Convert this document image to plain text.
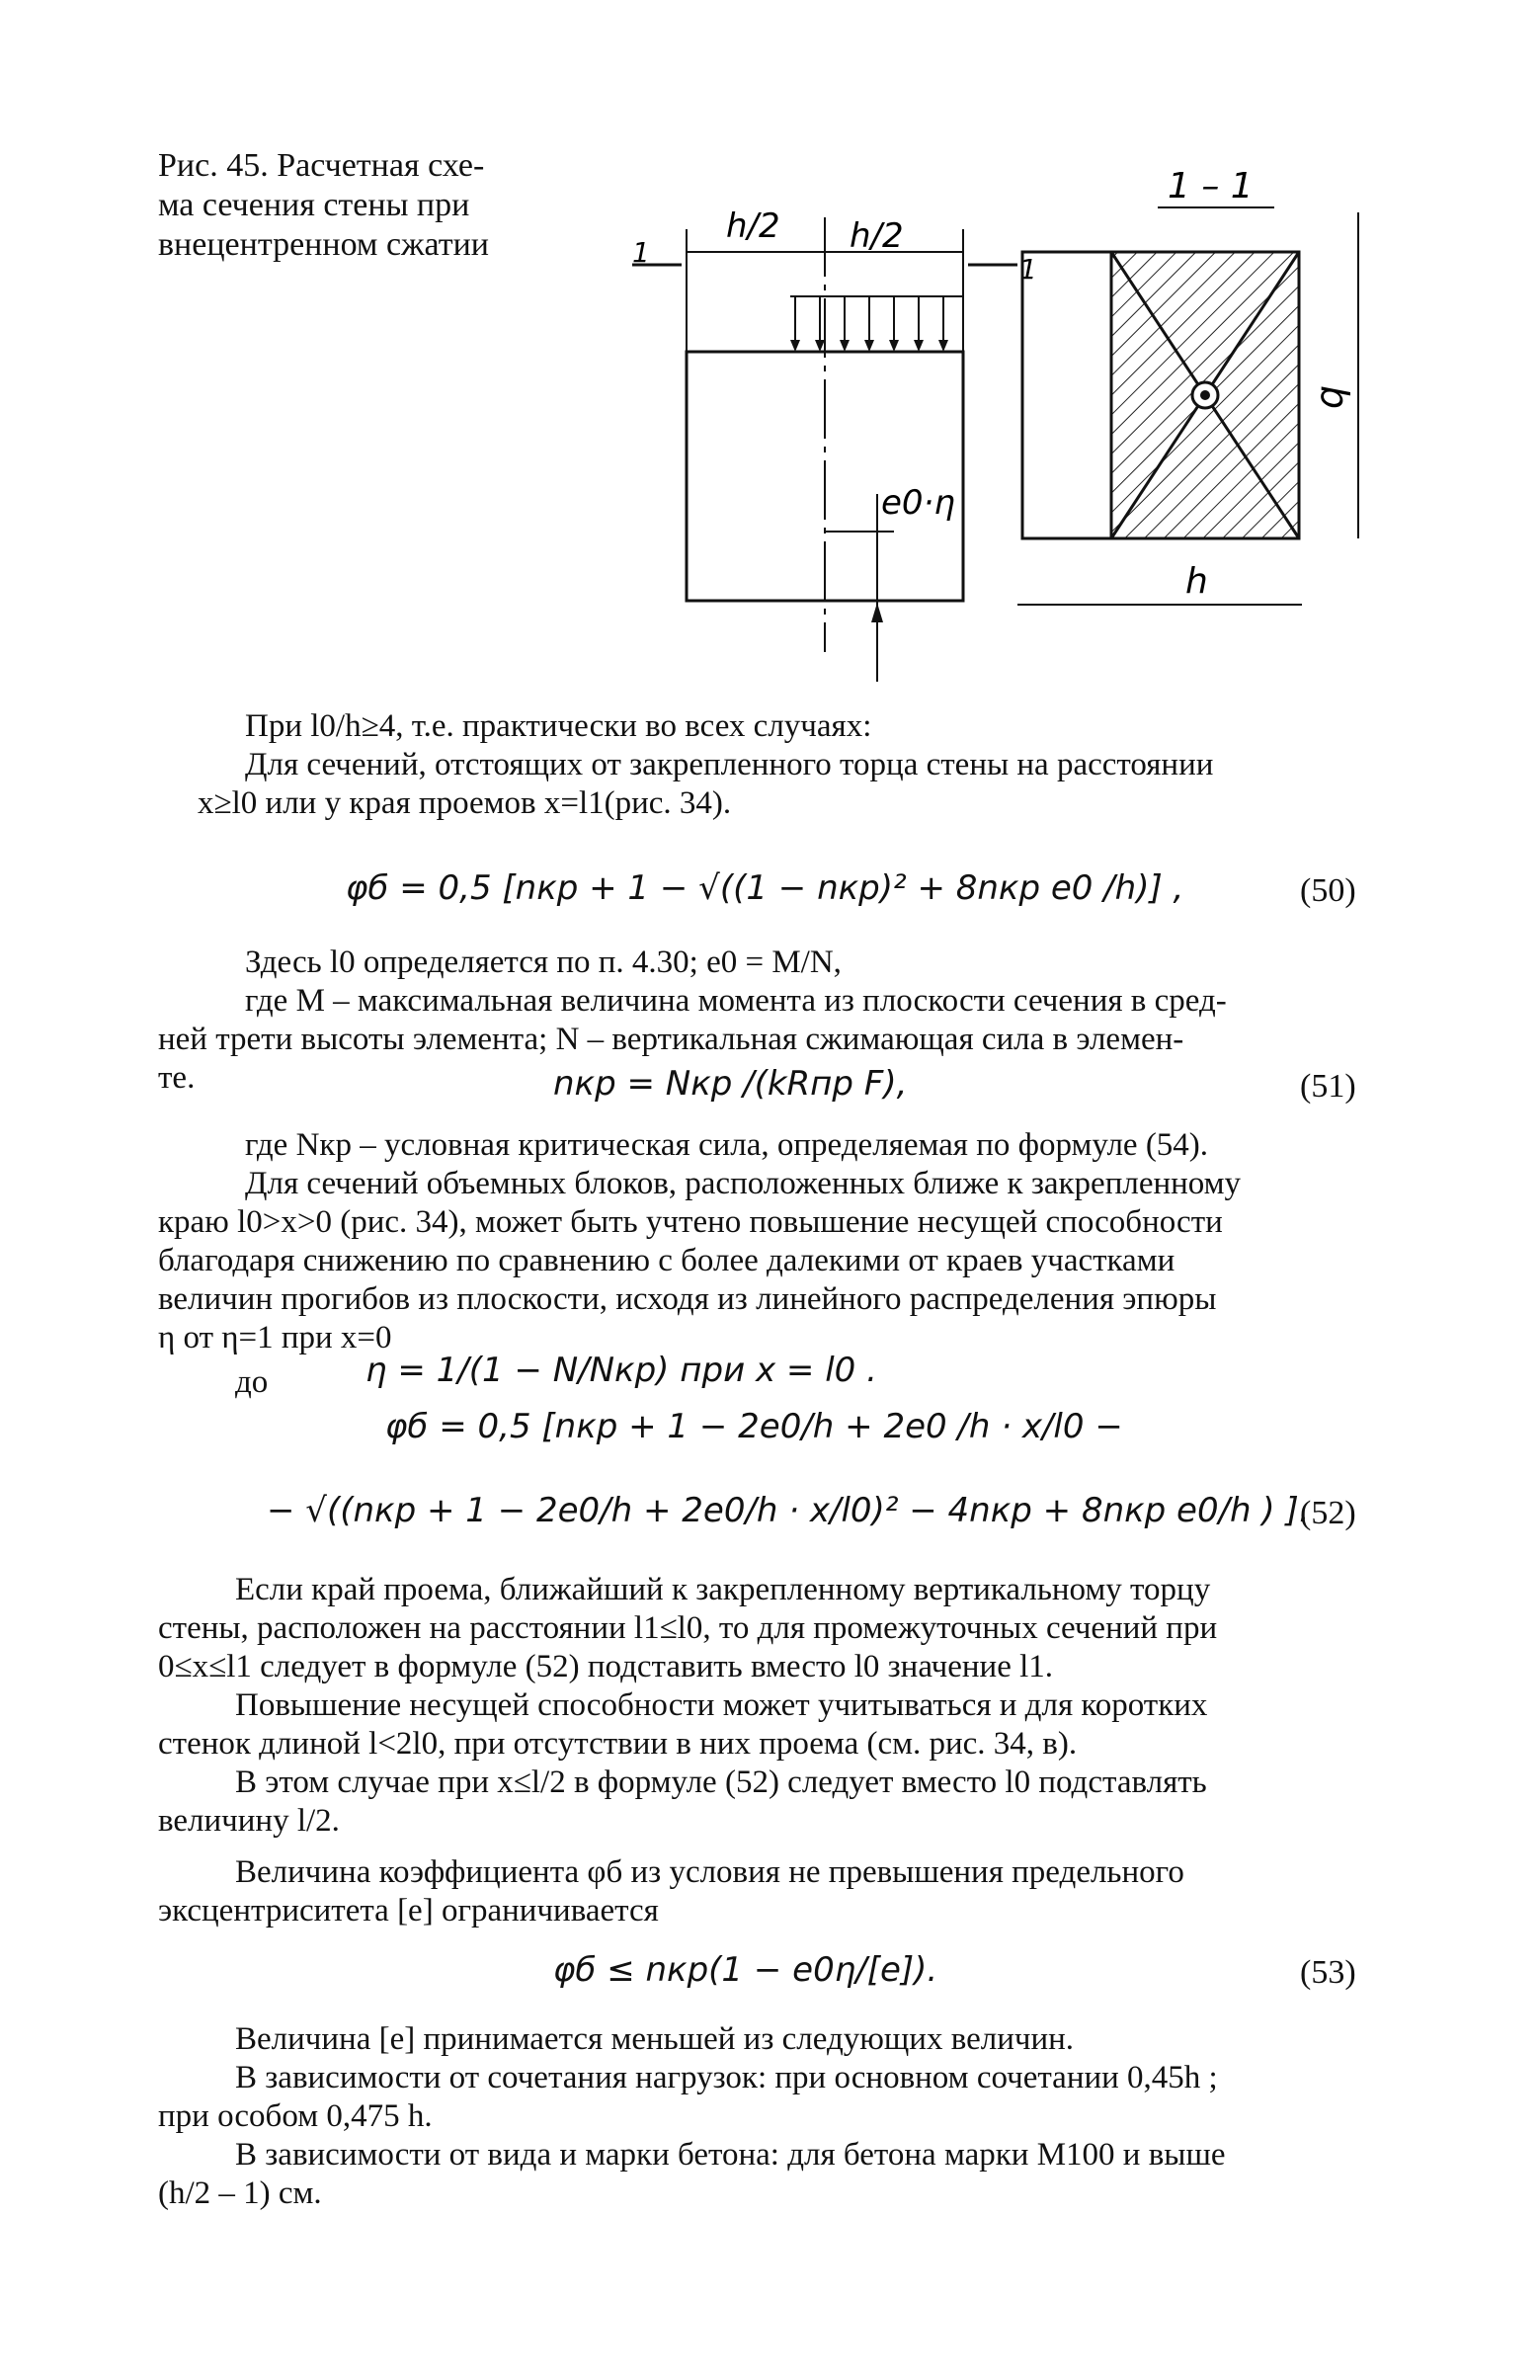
Рис. 45. Расчетная схе-
ма сечения стены при
внецентренном сжатии	h/2 h/2
1
1
e0·η
1 – 1
b
h
При l0/h≥4, т.е. практически во всех случаях:
Для сечений, отстоящих от закрепленного торца стены на расстоянии
x≥l0 или у края проемов x=l1(рис. 34).
φб = 0,5 [nкр + 1 − √((1 − nкр)² + 8nкр e0 /h)] ,	(50)
Здесь l0 определяется по п. 4.30; e0 = M/N,
где M – максимальная величина момента из плоскости сечения в сред-
ней трети высоты элемента; N – вертикальная сжимающая сила в элемен-
те.	nкр = Nкр /(kRпр F),	(51)
где Nкр – условная критическая сила, определяемая по формуле (54).
Для сечений объемных блоков, расположенных ближе к закрепленному
краю l0>x>0 (рис. 34), может быть учтено повышение несущей способности
благодаря снижению по сравнению с более далекими от краев участками
величин прогибов из плоскости, исходя из линейного распределения эпюры
η от η=1 при x=0
до	η = 1/(1 − N/Nкр) при x = l0 .
φб = 0,5 [nкр + 1 − 2e0/h + 2e0 /h · x/l0 −
− √((nкр + 1 − 2e0/h + 2e0/h · x/l0)² − 4nкр + 8nкр e0/h ) ].
(52)
Если край проема, ближайший к закрепленному вертикальному торцу
стены, расположен на расстоянии l1≤l0, то для промежуточных сечений при
0≤x≤l1 следует в формуле (52) подставить вместо l0 значение l1.
Повышение несущей способности может учитываться и для коротких
стенок длиной l<2l0, при отсутствии в них проема (см. рис. 34, в).
В этом случае при x≤l/2 в формуле (52) следует вместо l0 подставлять
величину l/2.
Величина коэффициента φб из условия не превышения предельного
эксцентриситета [e] ограничивается
φб ≤ nкр(1 − e0η/[e]).	(53)
Величина [e] принимается меньшей из следующих величин.
В зависимости от сочетания нагрузок: при основном сочетании 0,45h ;
при особом 0,475 h.
В зависимости от вида и марки бетона: для бетона марки М100 и выше
(h/2 – 1) см.
